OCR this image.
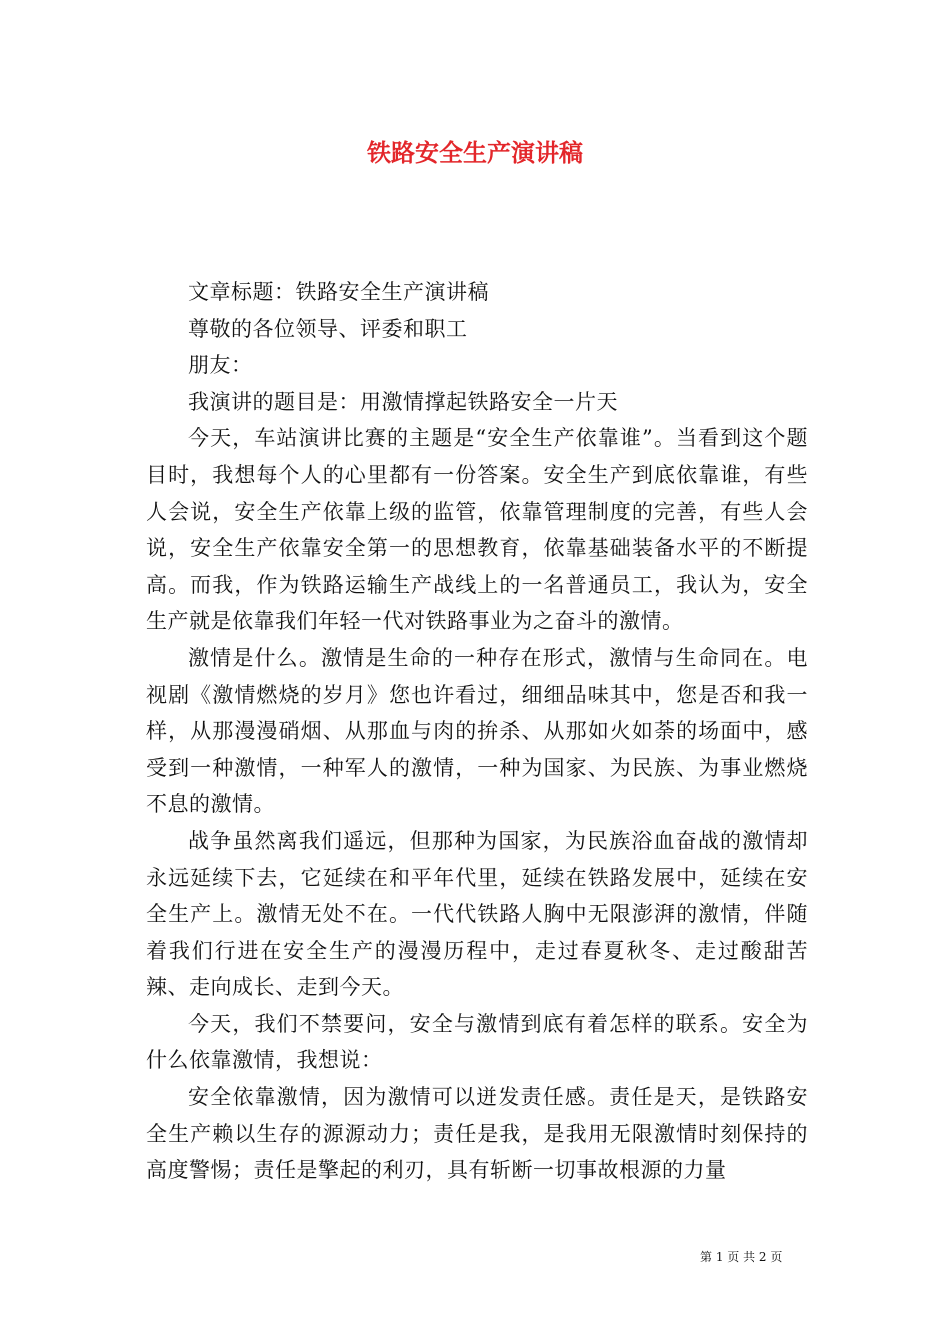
铁路安全生产演讲稿

文章标题：铁路安全生产演讲稿

尊敬的各位领导、评委和职工

朋友：

我演讲的题目是：用激情撑起铁路安全一片天

今天，车站演讲比赛的主题是“安全生产依靠谁”。当看到这个题目时，我想每个人的心里都有一份答案。安全生产到底依靠谁，有些人会说，安全生产依靠上级的监管，依靠管理制度的完善，有些人会说，安全生产依靠安全第一的思想教育，依靠基础装备水平的不断提高。而我，作为铁路运输生产战线上的一名普通员工，我认为，安全生产就是依靠我们年轻一代对铁路事业为之奋斗的激情。

激情是什么。激情是生命的一种存在形式，激情与生命同在。电视剧《激情燃烧的岁月》您也许看过，细细品味其中，您是否和我一样，从那漫漫硝烟、从那血与肉的拚杀、从那如火如荼的场面中，感受到一种激情，一种军人的激情，一种为国家、为民族、为事业燃烧不息的激情。

战争虽然离我们遥远，但那种为国家，为民族浴血奋战的激情却永远延续下去，它延续在和平年代里，延续在铁路发展中，延续在安全生产上。激情无处不在。一代代铁路人胸中无限澎湃的激情，伴随着我们行进在安全生产的漫漫历程中，走过春夏秋冬、走过酸甜苦辣、走向成长、走到今天。

今天，我们不禁要问，安全与激情到底有着怎样的联系。安全为什么依靠激情，我想说：

安全依靠激情，因为激情可以迸发责任感。责任是天，是铁路安全生产赖以生存的源源动力；责任是我，是我用无限激情时刻保持的高度警惕；责任是擎起的利刃，具有斩断一切事故根源的力量

第 1 页 共 2 页
